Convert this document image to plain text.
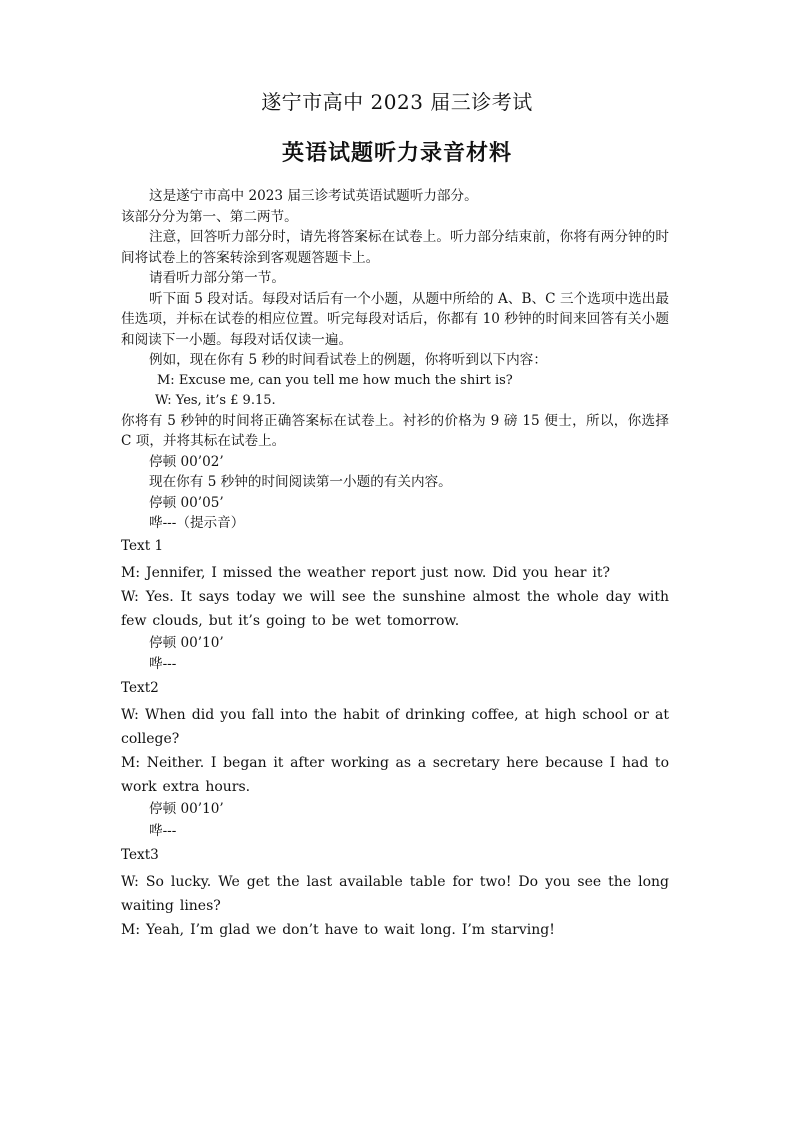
遂宁市高中 2023 届三诊考试
英语试题听力录音材料

这是遂宁市高中 2023 届三诊考试英语试题听力部分。

该部分分为第一、第二两节。

注意，回答听力部分时，请先将答案标在试卷上。听力部分结束前，你将有两分钟的时间将试卷上的答案转涂到客观题答题卡上。

请看听力部分第一节。

听下面 5 段对话。每段对话后有一个小题，从题中所给的 A、B、C 三个选项中选出最佳选项，并标在试卷的相应位置。听完每段对话后，你都有 10 秒钟的时间来回答有关小题和阅读下一小题。每段对话仅读一遍。

例如，现在你有 5 秒的时间看试卷上的例题，你将听到以下内容：

M: Excuse me, can you tell me how much the shirt is?

W: Yes, it’s £ 9.15.

你将有 5 秒钟的时间将正确答案标在试卷上。衬衫的价格为 9 磅 15 便士，所以，你选择 C 项，并将其标在试卷上。

停顿 00’02’

现在你有 5 秒钟的时间阅读第一小题的有关内容。

停顿 00’05’

哗---（提示音）

Text 1

M: Jennifer, I missed the weather report just now. Did you hear it?

W: Yes. It says today we will see the sunshine almost the whole day with few clouds, but it’s going to be wet tomorrow.

停顿 00’10’

哗---

Text2

W: When did you fall into the habit of drinking coffee, at high school or at college?

M: Neither. I began it after working as a secretary here because I had to work extra hours.

停顿 00’10’

哗---

Text3

W: So lucky. We get the last available table for two! Do you see the long waiting lines?

M: Yeah, I’m glad we don’t have to wait long. I’m starving!
